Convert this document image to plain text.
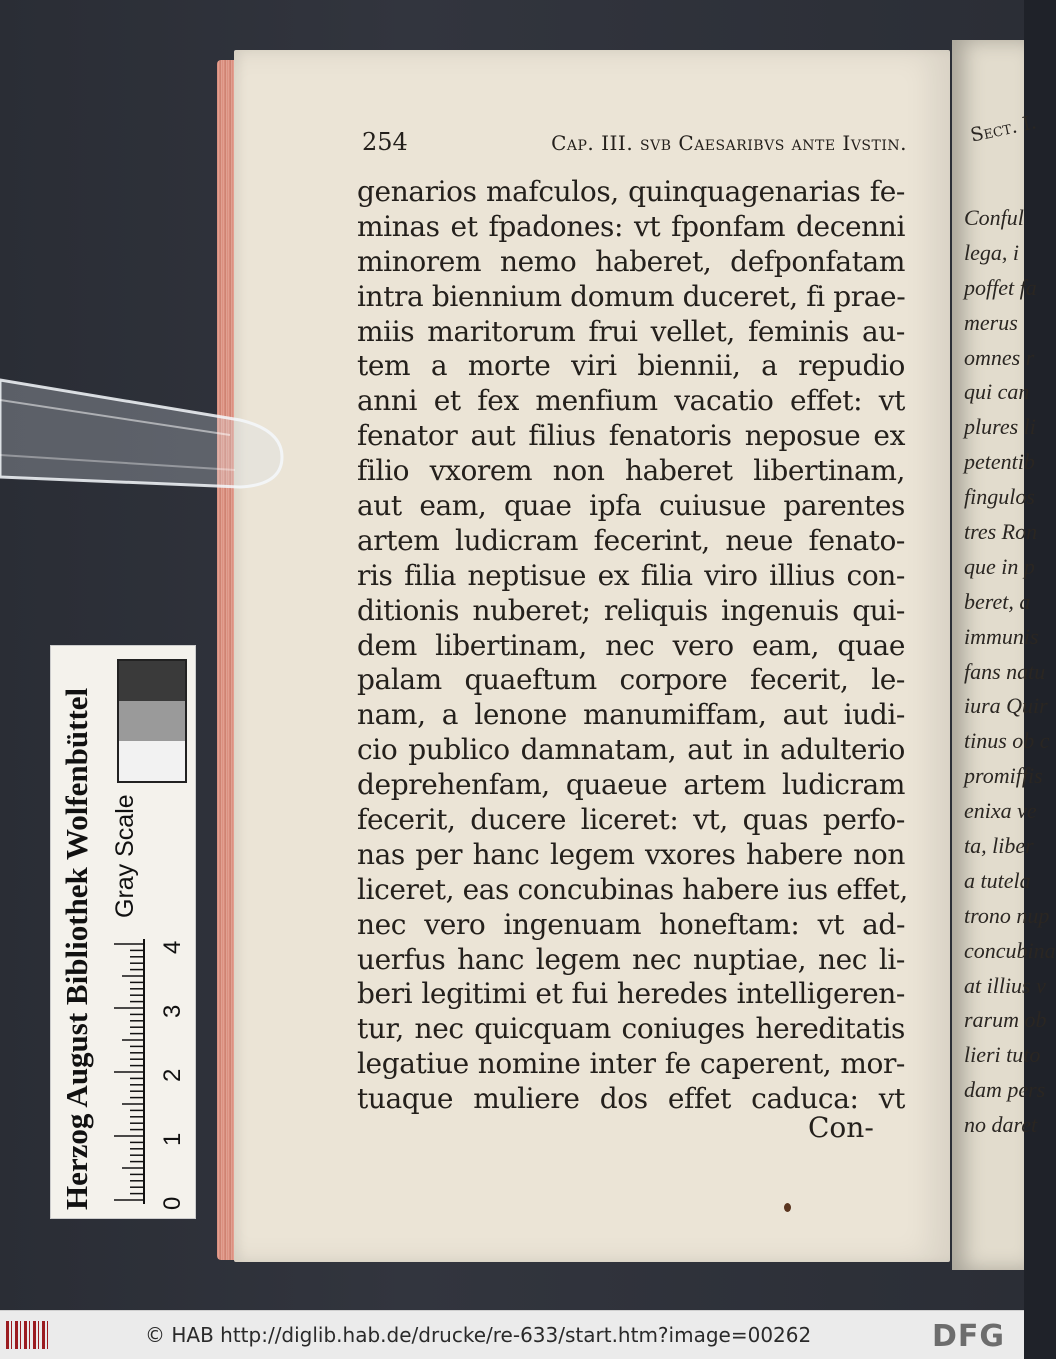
Sect. I.
Conful
lega, i
poffet fa
merus
omnes r
qui can
plures li
petentib
fingulos
tres Ron
que in p
beret, a
immunis
fans natu
iura Quir
tinus ob c
promiffis
enixa ve
ta, liber
a tutela
trono nup
concubina
at illius v
rarum ob
lieri tuto
dam pers
no daret
254	Cap. III. svb Caesaribvs ante Ivstin.
genarios mafculos, quinquagenarias fe-
minas et fpadones: vt fponfam decenni
minorem nemo haberet, defponfatam
intra biennium domum duceret, fi prae-
miis maritorum frui vellet, feminis au-
tem a morte viri biennii, a repudio
anni et fex menfium vacatio effet: vt
fenator aut filius fenatoris neposue ex
filio vxorem non haberet libertinam,
aut eam, quae ipfa cuiusue parentes
artem ludicram fecerint, neue fenato-
ris filia neptisue ex filia viro illius con-
ditionis nuberet; reliquis ingenuis qui-
dem libertinam, nec vero eam, quae
palam quaeftum corpore fecerit, le-
nam, a lenone manumiffam, aut iudi-
cio publico damnatam, aut in adulterio
deprehenfam, quaeue artem ludicram
fecerit, ducere liceret: vt, quas perfo-
nas per hanc legem vxores habere non
liceret, eas concubinas habere ius effet,
nec vero ingenuam honeftam: vt ad-
uerfus hanc legem nec nuptiae, nec li-
beri legitimi et fui heredes intelligeren-
tur, nec quicquam coniuges hereditatis
legatiue nomine inter fe caperent, mor-
tuaque muliere dos effet caduca: vt
Con-
Herzog August Bibliothek Wolfenbüttel Gray Scale
0
1
2
3
4
© HAB http://diglib.hab.de/drucke/re-633/start.htm?image=00262	DFG
